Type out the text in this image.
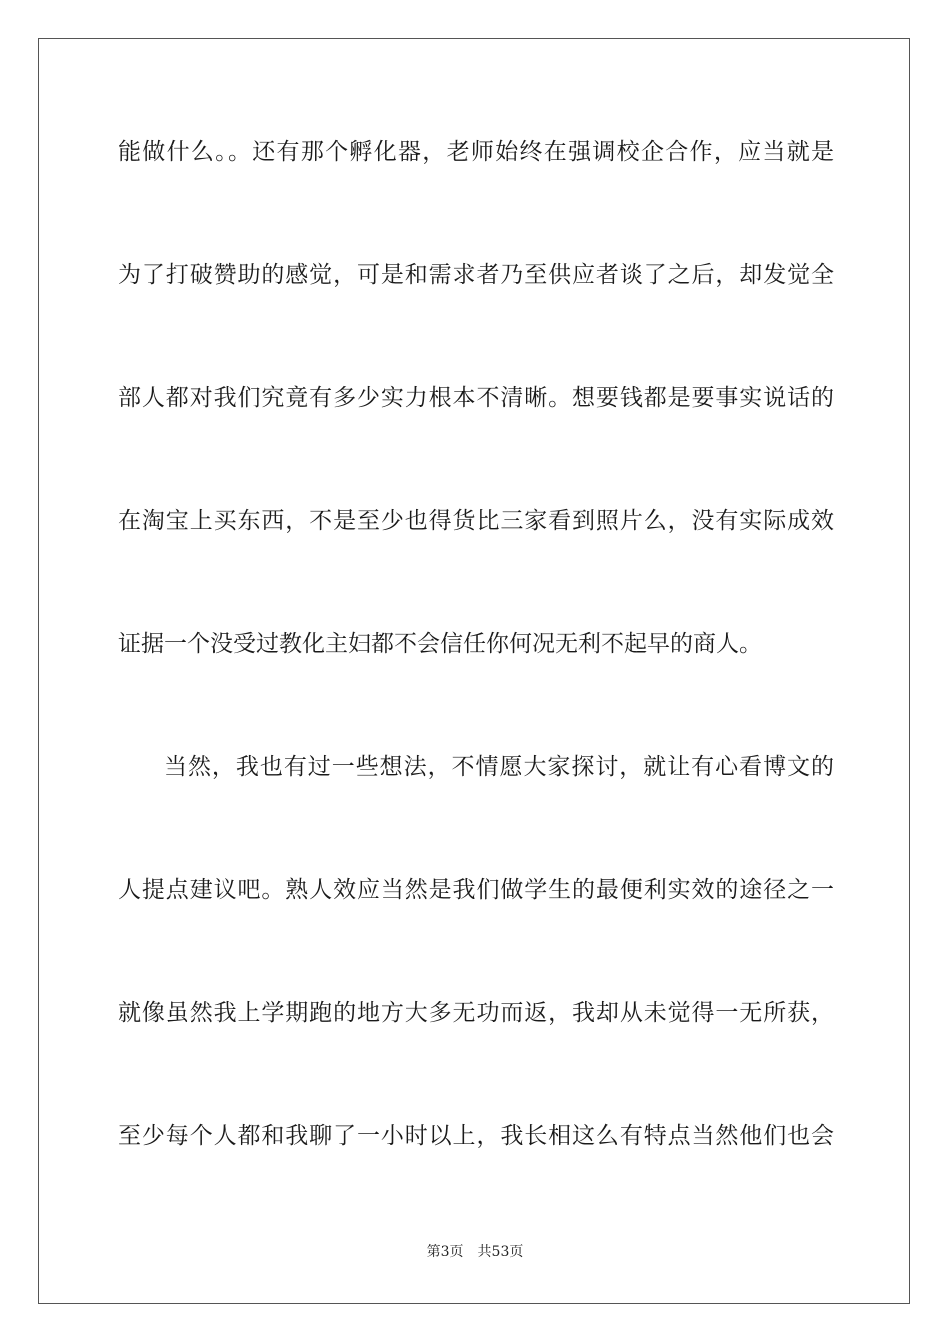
能做什么。。还有那个孵化器，老师始终在强调校企合作，应当就是
为了打破赞助的感觉，可是和需求者乃至供应者谈了之后，却发觉全
部人都对我们究竟有多少实力根本不清晰。想要钱都是要事实说话的
在淘宝上买东西，不是至少也得货比三家看到照片么，没有实际成效
证据一个没受过教化主妇都不会信任你何况无利不起早的商人。
当然，我也有过一些想法，不情愿大家探讨，就让有心看博文的
人提点建议吧。熟人效应当然是我们做学生的最便利实效的途径之一
就像虽然我上学期跑的地方大多无功而返，我却从未觉得一无所获，
至少每个人都和我聊了一小时以上，我长相这么有特点当然他们也会
第3页 共53页
